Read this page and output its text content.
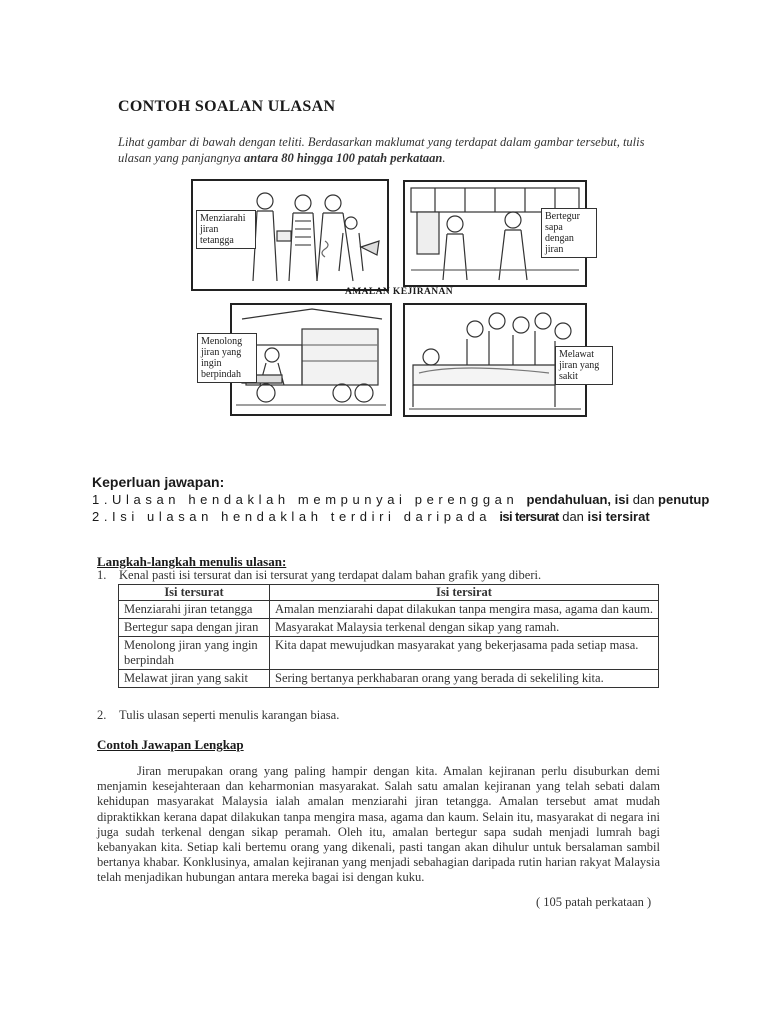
CONTOH SOALAN ULASAN
Lihat gambar di bawah dengan teliti. Berdasarkan maklumat yang terdapat dalam gambar tersebut, tulis ulasan yang panjangnya antara 80 hingga 100 patah perkataan.
Menziarahi jiran tetangga
Bertegur sapa dengan jiran
AMALAN KEJIRANAN
Menolong jiran yang ingin berpindah
Melawat jiran yang sakit
Keperluan jawapan:
1.Ulasan hendaklah mempunyai perenggan pendahuluan, isi dan penutup
2.Isi ulasan hendaklah terdiri daripada isi tersurat dan isi tersirat
Langkah-langkah menulis ulasan:
1. Kenal pasti isi tersurat dan isi tersurat yang terdapat dalam bahan grafik yang diberi.
Isi tersurat	Isi tersirat
Menziarahi jiran tetangga	Amalan menziarahi dapat dilakukan tanpa mengira masa, agama dan kaum.
Bertegur sapa dengan jiran	Masyarakat Malaysia terkenal dengan sikap yang ramah.
Menolong jiran yang ingin berpindah	Kita dapat mewujudkan masyarakat yang bekerjasama pada setiap masa.
Melawat jiran yang sakit	Sering bertanya perkhabaran orang yang berada di sekeliling kita.
2. Tulis ulasan seperti menulis karangan biasa.
Contoh Jawapan Lengkap
Jiran merupakan orang yang paling hampir dengan kita. Amalan kejiranan perlu disuburkan demi menjamin kesejahteraan dan keharmonian masyarakat. Salah satu amalan kejiranan yang telah sebati dalam kehidupan masyarakat Malaysia ialah amalan menziarahi jiran tetangga. Amalan tersebut amat mudah dipraktikkan kerana dapat dilakukan tanpa mengira masa, agama dan kaum. Selain itu, masyarakat di negara ini juga sudah terkenal dengan sikap peramah. Oleh itu, amalan bertegur sapa sudah menjadi lumrah bagi kebanyakan kita. Setiap kali bertemu orang yang dikenali, pasti tangan akan dihulur untuk bersalaman sambil bertanya khabar. Konklusinya, amalan kejiranan yang menjadi sebahagian daripada rutin harian rakyat Malaysia telah menjadikan hubungan antara mereka bagai isi dengan kuku.
( 105 patah perkataan )
